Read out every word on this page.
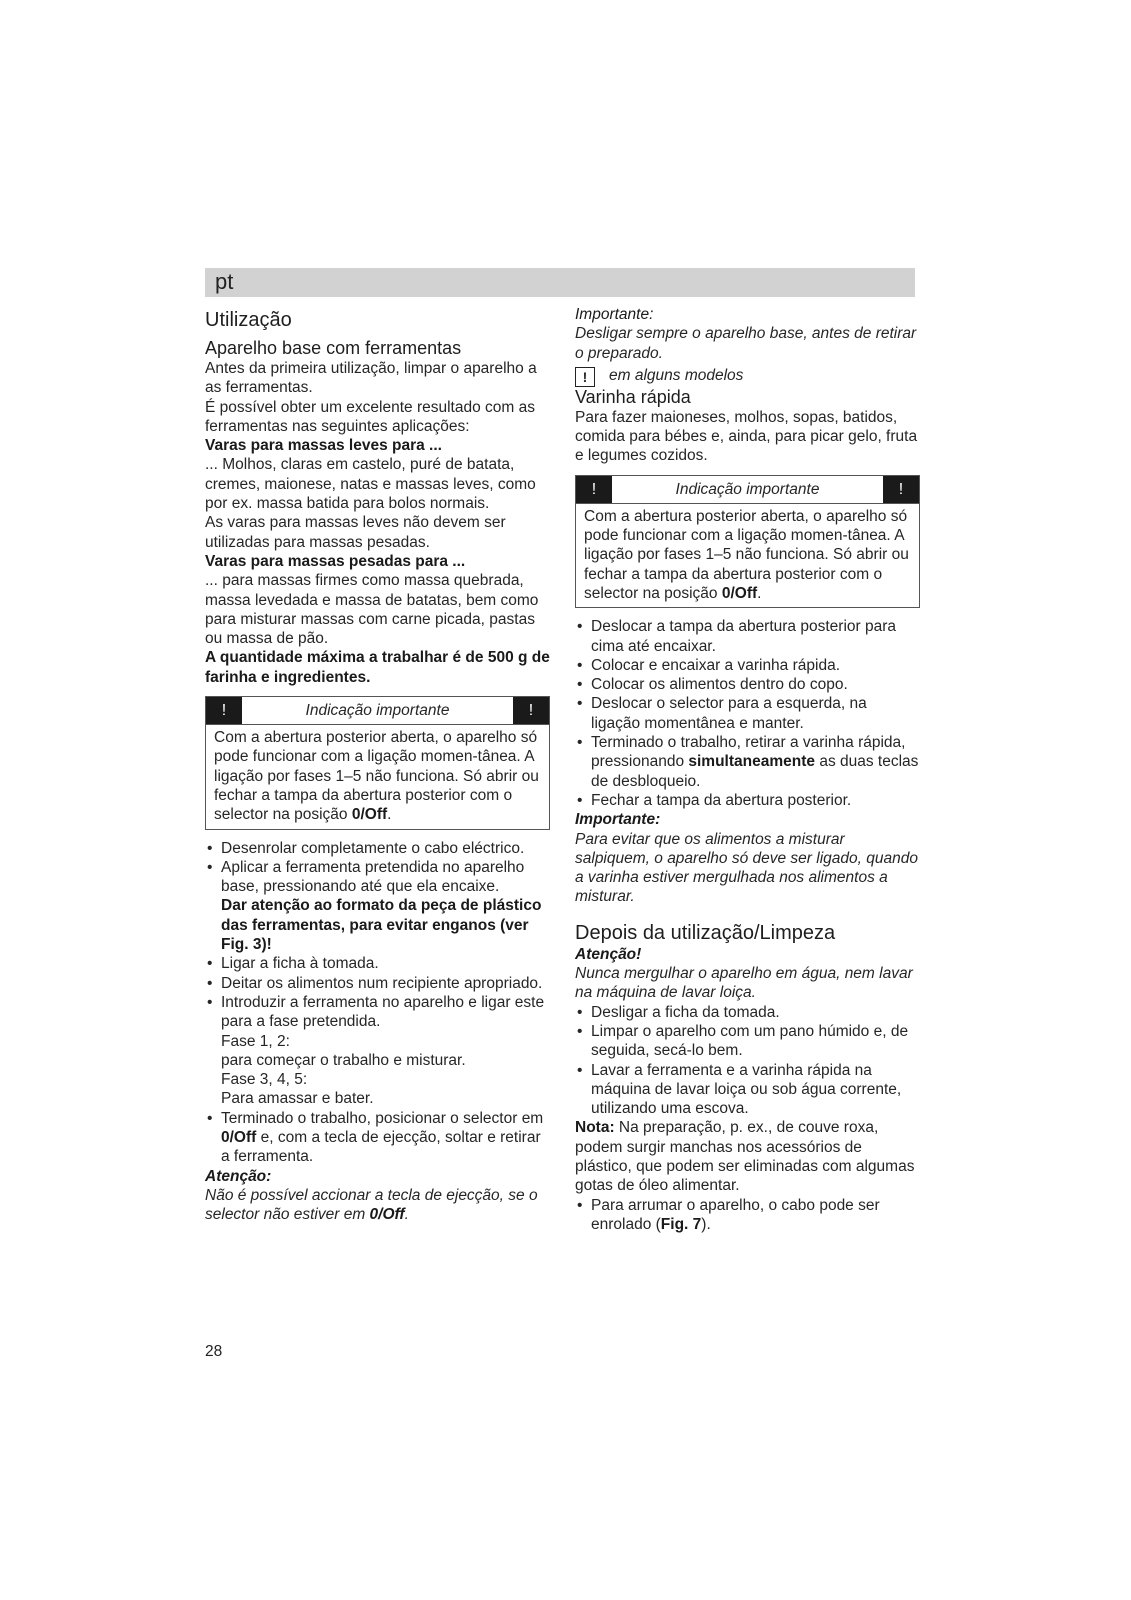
pt

Utilização

Aparelho base com ferramentas

Antes da primeira utilização, limpar o aparelho a as ferramentas.

É possível obter um excelente resultado com as ferramentas nas seguintes aplicações:

Varas para massas leves para ...

... Molhos, claras em castelo, puré de batata, cremes, maionese, natas e massas leves, como por ex. massa batida para bolos normais.

As varas para massas leves não devem ser utilizadas para massas pesadas.

Varas para massas pesadas para ...

... para massas firmes como massa quebrada, massa levedada e massa de batatas, bem como para misturar massas com carne picada, pastas ou massa de pão.

A quantidade máxima a trabalhar é de 500 g de farinha e ingredientes.

!	Indicação importante	!
Com a abertura posterior aberta, o aparelho só pode funcionar com a ligação momen-tânea. A ligação por fases 1–5 não funciona. Só abrir ou fechar a tampa da abertura posterior com o selector na posição 0/Off.
• Desenrolar completamente o cabo eléctrico.
• Aplicar a ferramenta pretendida no aparelho base, pressionando até que ela encaixe.
Dar atenção ao formato da peça de plástico das ferramentas, para evitar enganos (ver Fig. 3)!
• Ligar a ficha à tomada.
• Deitar os alimentos num recipiente apropriado.
• Introduzir a ferramenta no aparelho e ligar este para a fase pretendida.
Fase 1, 2:
para começar o trabalho e misturar.
Fase 3, 4, 5:
Para amassar e bater.
• Terminado o trabalho, posicionar o selector em 0/Off e, com a tecla de ejecção, soltar e retirar a ferramenta.

Atenção:

Não é possível accionar a tecla de ejecção, se o selector não estiver em 0/Off.

Importante:

Desligar sempre o aparelho base, antes de retirar o preparado.

! em alguns modelos

Varinha rápida

Para fazer maioneses, molhos, sopas, batidos, comida para bébes e, ainda, para picar gelo, fruta e legumes cozidos.

!	Indicação importante	!
Com a abertura posterior aberta, o aparelho só pode funcionar com a ligação momen-tânea. A ligação por fases 1–5 não funciona. Só abrir ou fechar a tampa da abertura posterior com o selector na posição 0/Off.
• Deslocar a tampa da abertura posterior para cima até encaixar.
• Colocar e encaixar a varinha rápida.
• Colocar os alimentos dentro do copo.
• Deslocar o selector para a esquerda, na ligação momentânea e manter.
• Terminado o trabalho, retirar a varinha rápida, pressionando simultaneamente as duas teclas de desbloqueio.
• Fechar a tampa da abertura posterior.

Importante:

Para evitar que os alimentos a misturar salpiquem, o aparelho só deve ser ligado, quando a varinha estiver mergulhada nos alimentos a misturar.

Depois da utilização/Limpeza

Atenção!

Nunca mergulhar o aparelho em água, nem lavar na máquina de lavar loiça.

• Desligar a ficha da tomada.
• Limpar o aparelho com um pano húmido e, de seguida, secá-lo bem.
• Lavar a ferramenta e a varinha rápida na máquina de lavar loiça ou sob água corrente, utilizando uma escova.

Nota: Na preparação, p. ex., de couve roxa, podem surgir manchas nos acessórios de plástico, que podem ser eliminadas com algumas gotas de óleo alimentar.

• Para arrumar o aparelho, o cabo pode ser enrolado (Fig. 7).
28
